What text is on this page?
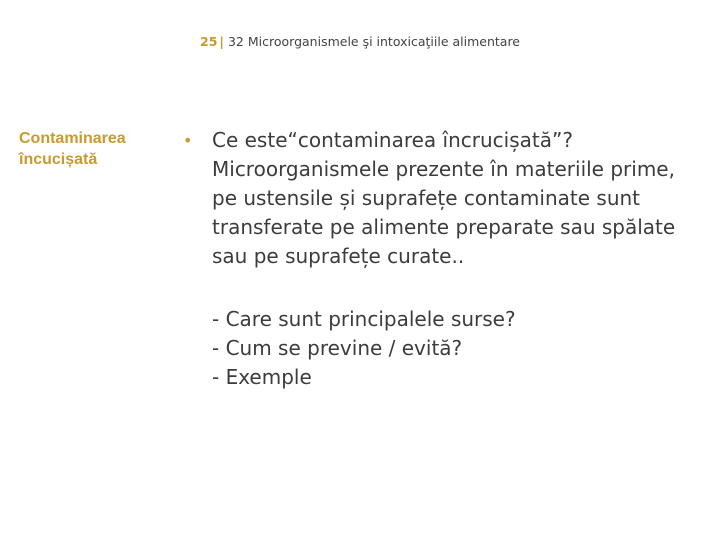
25 | 32 Microorganismele şi intoxicaţiile alimentare
Contaminarea
încucișată
• Ce este“contaminarea încrucișată”?
Microorganismele prezente în materiile prime, pe ustensile și suprafețe contaminate sunt transferate pe alimente preparate sau spălate sau pe suprafețe curate..
- Care sunt principalele surse?
- Cum se previne / evită?
- Exemple
